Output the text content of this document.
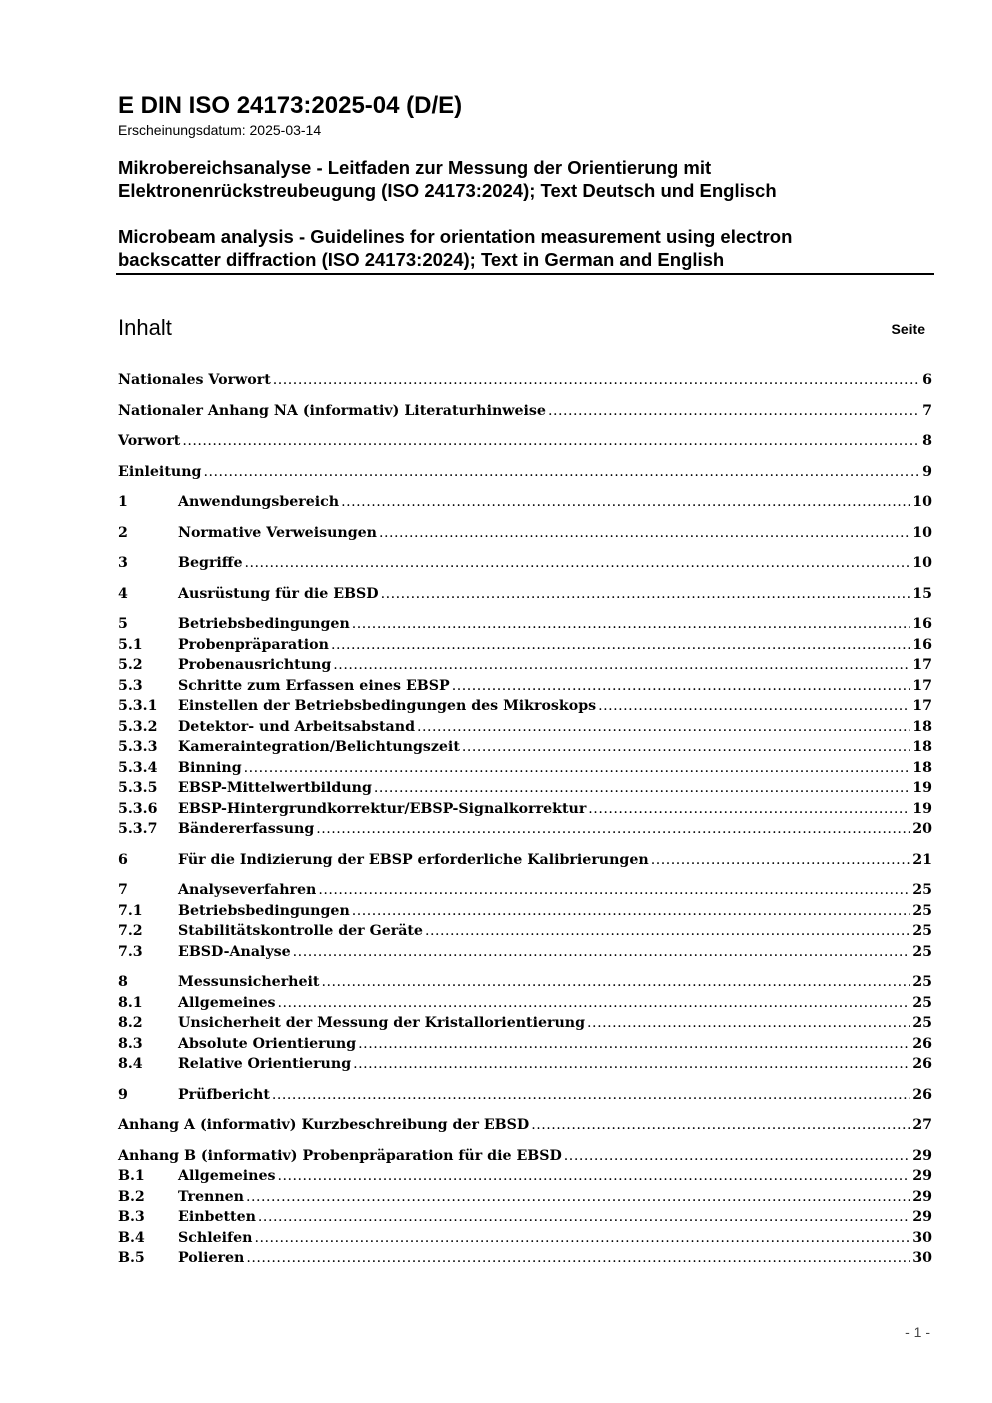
E DIN ISO 24173:2025-04 (D/E)

Erscheinungsdatum: 2025-03-14

Mikrobereichsanalyse - Leitfaden zur Messung der Orientierung mit
Elektronenrückstreubeugung (ISO 24173:2024); Text Deutsch und Englisch

Microbeam analysis - Guidelines for orientation measurement using electron
backscatter diffraction (ISO 24173:2024); Text in German and English

Inhalt	Seite
Nationales Vorwort .....	6
Nationaler Anhang NA (informativ) Literaturhinweise .....	7
Vorwort .....	8
Einleitung .....	9
1	Anwendungsbereich .....	10
2	Normative Verweisungen .....	10
3	Begriffe .....	10
4	Ausrüstung für die EBSD .....	15
5	Betriebsbedingungen .....	16
5.1	Probenpräparation .....	16
5.2	Probenausrichtung .....	17
5.3	Schritte zum Erfassen eines EBSP .....	17
5.3.1	Einstellen der Betriebsbedingungen des Mikroskops .....	17
5.3.2	Detektor- und Arbeitsabstand .....	18
5.3.3	Kameraintegration/Belichtungszeit .....	18
5.3.4	Binning .....	18
5.3.5	EBSP-Mittelwertbildung .....	19
5.3.6	EBSP-Hintergrundkorrektur/EBSP-Signalkorrektur .....	19
5.3.7	Bändererfassung .....	20
6	Für die Indizierung der EBSP erforderliche Kalibrierungen .....	21
7	Analyseverfahren .....	25
7.1	Betriebsbedingungen .....	25
7.2	Stabilitätskontrolle der Geräte .....	25
7.3	EBSD-Analyse .....	25
8	Messunsicherheit .....	25
8.1	Allgemeines .....	25
8.2	Unsicherheit der Messung der Kristallorientierung .....	25
8.3	Absolute Orientierung .....	26
8.4	Relative Orientierung .....	26
9	Prüfbericht .....	26
Anhang A (informativ) Kurzbeschreibung der EBSD .....	27
Anhang B (informativ) Probenpräparation für die EBSD .....	29
B.1	Allgemeines .....	29
B.2	Trennen .....	29
B.3	Einbetten .....	29
B.4	Schleifen .....	30
B.5	Polieren .....	30
- 1 -
